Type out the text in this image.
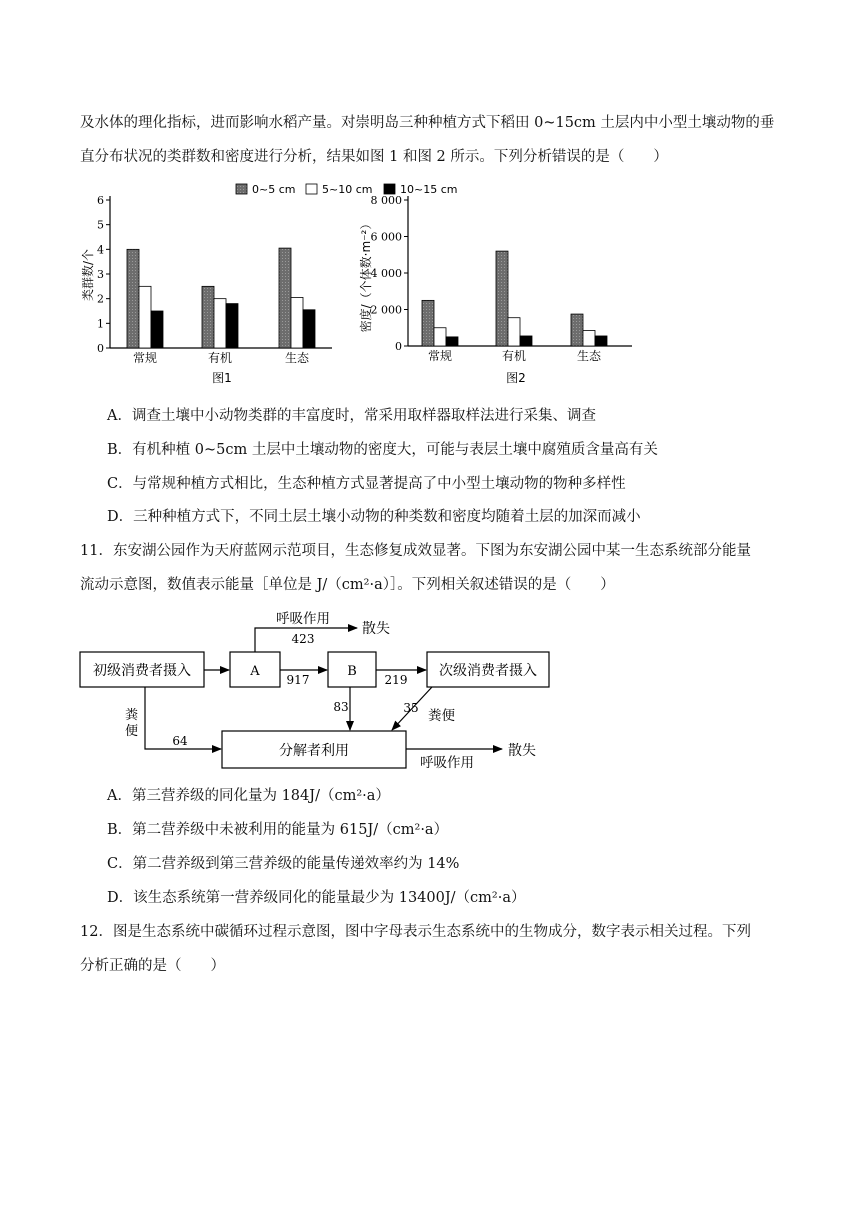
及水体的理化指标，进而影响水稻产量。对崇明岛三种种植方式下稻田 0~15cm 土层内中小型土壤动物的垂
直分布状况的类群数和密度进行分析，结果如图 1 和图 2 所示。下列分析错误的是（　　）
0~5 cm 5~10 cm	10~15 cm
类群数/个
图1
0
1
2
3
4
5
6
常规	有机	生态
密度/（个体数·m⁻²）
图2
0
2 000
4 000
6 000
8 000
常规	有机	生态
A．调查土壤中小动物类群的丰富度时，常采用取样器取样法进行采集、调查
B．有机种植 0~5cm 土层中土壤动物的密度大，可能与表层土壤中腐殖质含量高有关
C．与常规种植方式相比，生态种植方式显著提高了中小型土壤动物的物种多样性
D．三种种植方式下，不同土层土壤小动物的种类数和密度均随着土层的加深而减小
11．东安湖公园作为天府蓝网示范项目，生态修复成效显著。下图为东安湖公园中某一生态系统部分能量
流动示意图，数值表示能量［单位是 J/（cm²·a）］。下列相关叙述错误的是（　　）
初级消费者摄入	A	B	次级消费者摄入
分解者利用
呼吸作用
散失
423
917	219
83	35
64
粪 便
粪便
呼吸作用
散失
A．第三营养级的同化量为 184J/（cm²·a）
B．第二营养级中未被利用的能量为 615J/（cm²·a）
C．第二营养级到第三营养级的能量传递效率约为 14%
D．该生态系统第一营养级同化的能量最少为 13400J/（cm²·a）
12．图是生态系统中碳循环过程示意图，图中字母表示生态系统中的生物成分，数字表示相关过程。下列
分析正确的是（　　）
